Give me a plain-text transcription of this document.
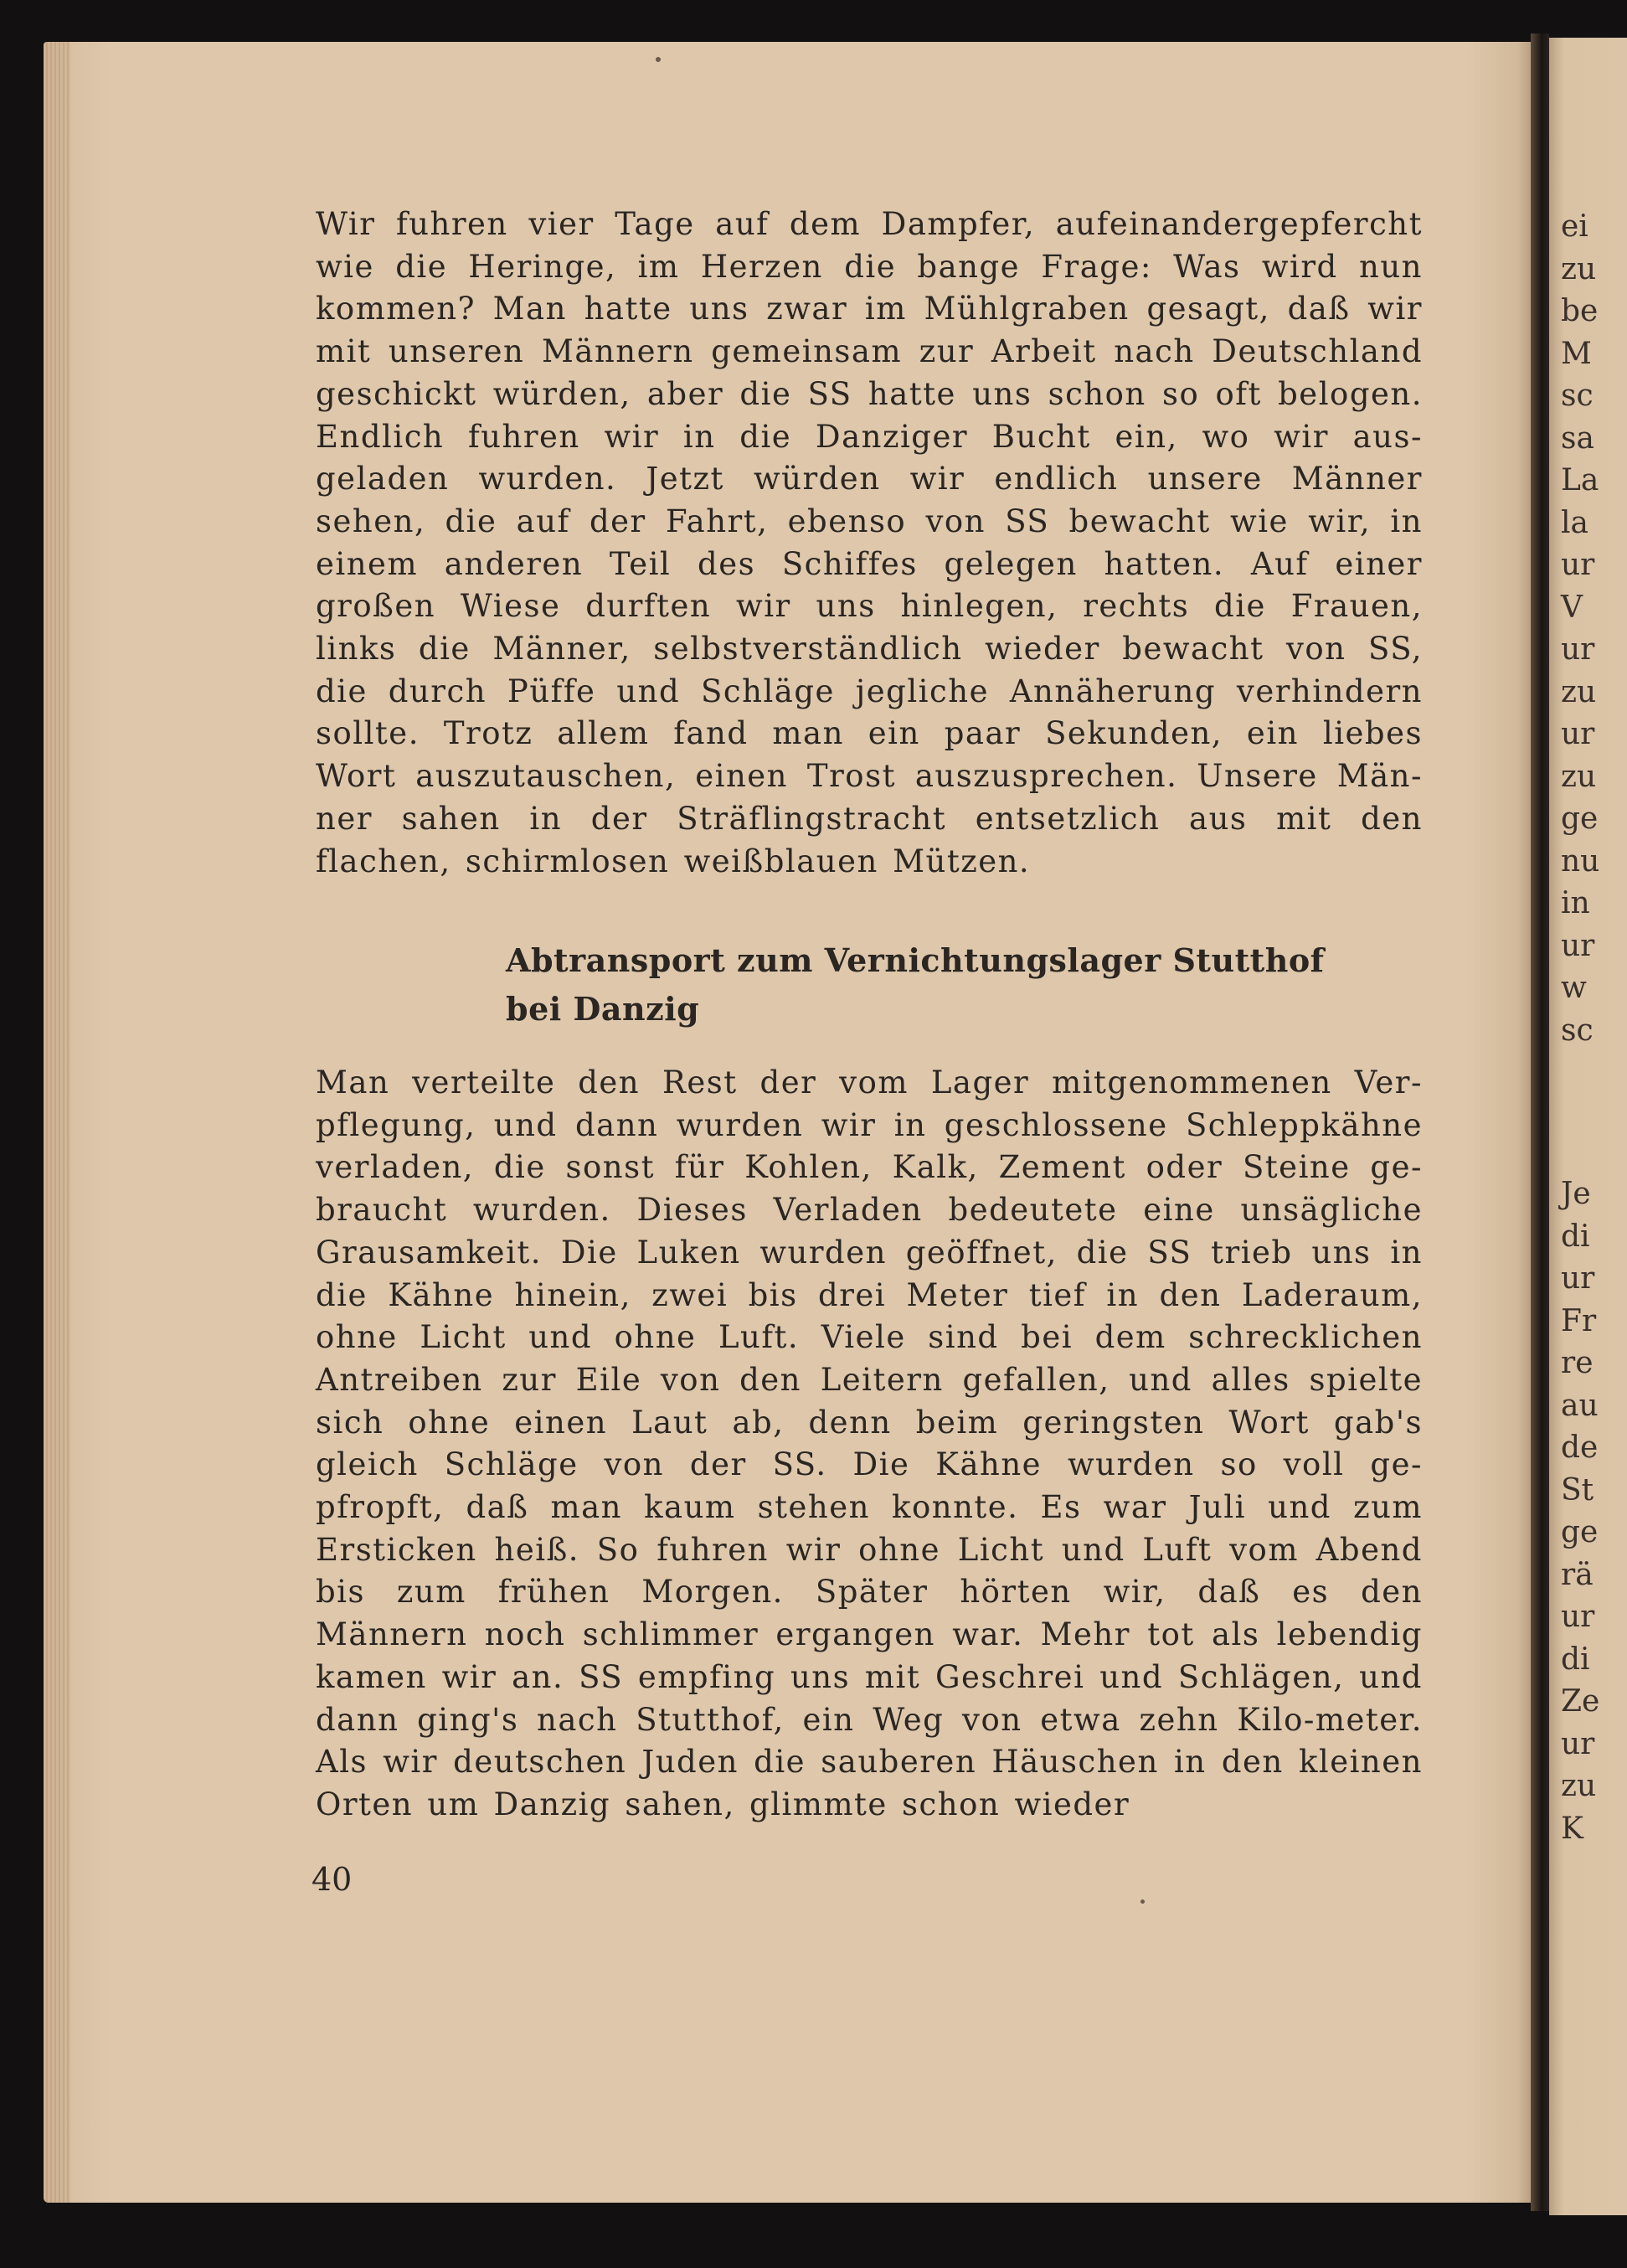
ei
zu
be
M
sc
sa
La
la
ur
V
ur
zu
ur
zu
ge
nu
in
ur
w
sc
Je
di
ur
Fr
re
au
de
St
ge
rä
ur
di
Ze
ur
zu
K

Wir fuhren vier Tage auf dem Dampfer, aufeinandergepfercht wie die Heringe, im Herzen die bange Frage: Was wird nun kommen? Man hatte uns zwar im Mühlgraben gesagt, daß wir mit unseren Männern gemeinsam zur Arbeit nach Deutschland geschickt würden, aber die SS hatte uns schon so oft belogen. Endlich fuhren wir in die Danziger Bucht ein, wo wir aus-geladen wurden. Jetzt würden wir endlich unsere Männer sehen, die auf der Fahrt, ebenso von SS bewacht wie wir, in einem anderen Teil des Schiffes gelegen hatten. Auf einer großen Wiese durften wir uns hinlegen, rechts die Frauen, links die Männer, selbstverständlich wieder bewacht von SS, die durch Püffe und Schläge jegliche Annäherung verhindern sollte. Trotz allem fand man ein paar Sekunden, ein liebes Wort auszutauschen, einen Trost auszusprechen. Unsere Män-ner sahen in der Sträflingstracht entsetzlich aus mit den flachen, schirmlosen weißblauen Mützen.

Abtransport zum Vernichtungslager Stutthof bei Danzig

Man verteilte den Rest der vom Lager mitgenommenen Ver-pflegung, und dann wurden wir in geschlossene Schleppkähne verladen, die sonst für Kohlen, Kalk, Zement oder Steine ge-braucht wurden. Dieses Verladen bedeutete eine unsägliche Grausamkeit. Die Luken wurden geöffnet, die SS trieb uns in die Kähne hinein, zwei bis drei Meter tief in den Laderaum, ohne Licht und ohne Luft. Viele sind bei dem schrecklichen Antreiben zur Eile von den Leitern gefallen, und alles spielte sich ohne einen Laut ab, denn beim geringsten Wort gab's gleich Schläge von der SS. Die Kähne wurden so voll ge-pfropft, daß man kaum stehen konnte. Es war Juli und zum Ersticken heiß. So fuhren wir ohne Licht und Luft vom Abend bis zum frühen Morgen. Später hörten wir, daß es den Männern noch schlimmer ergangen war. Mehr tot als lebendig kamen wir an. SS empfing uns mit Geschrei und Schlägen, und dann ging's nach Stutthof, ein Weg von etwa zehn Kilo-meter. Als wir deutschen Juden die sauberen Häuschen in den kleinen Orten um Danzig sahen, glimmte schon wieder

40
